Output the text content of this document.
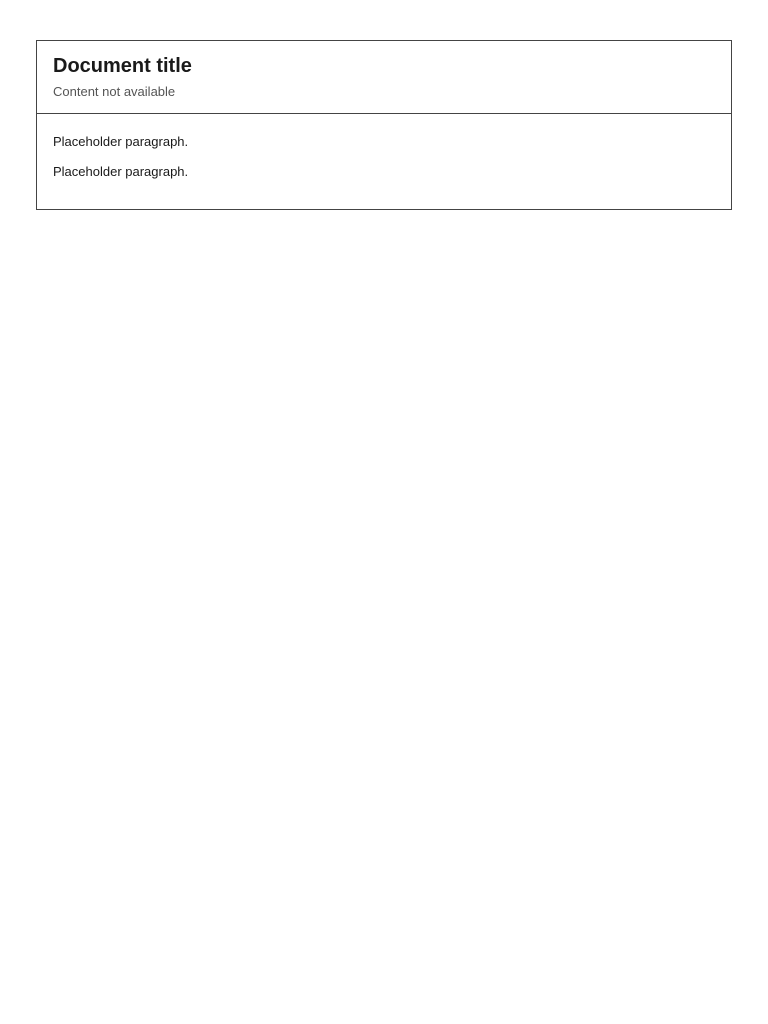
Document title

Content not available

Placeholder paragraph.

Placeholder paragraph.
